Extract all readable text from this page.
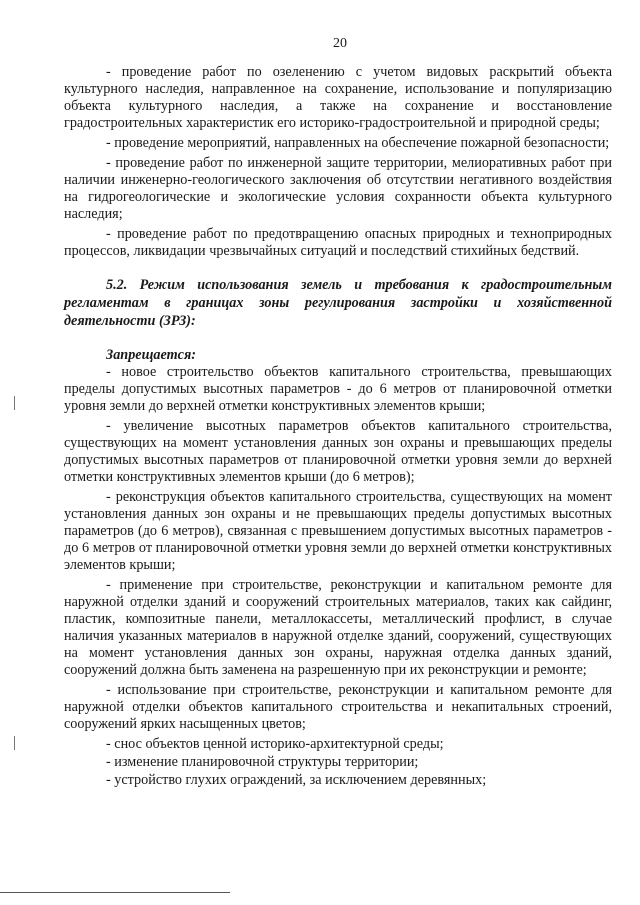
20

- проведение работ по озеленению с учетом видовых раскрытий объекта культурного наследия, направленное на сохранение, использование и популяризацию объекта культурного наследия, а также на сохранение и восстановление градостроительных характеристик его историко-градостроительной и природной среды;

- проведение мероприятий, направленных на обеспечение пожарной безопасности;

- проведение работ по инженерной защите территории, мелиоративных работ при наличии инженерно-геологического заключения об отсутствии негативного воздействия на гидрогеологические и экологические условия сохранности объекта культурного наследия;

- проведение работ по предотвращению опасных природных и техноприродных процессов, ликвидации чрезвычайных ситуаций и последствий стихийных бедствий.

5.2. Режим использования земель и требования к градостроительным регламентам в границах зоны регулирования застройки и хозяйственной деятельности (ЗРЗ):

Запрещается:

- новое строительство объектов капитального строительства, превышающих пределы допустимых высотных параметров - до 6 метров от планировочной отметки уровня земли до верхней отметки конструктивных элементов крыши;

- увеличение высотных параметров объектов капитального строительства, существующих на момент установления данных зон охраны и превышающих пределы допустимых высотных параметров от планировочной отметки уровня земли до верхней отметки конструктивных элементов крыши (до 6 метров);

- реконструкция объектов капитального строительства, существующих на момент установления данных зон охраны и не превышающих пределы допустимых высотных параметров (до 6 метров), связанная с превышением допустимых высотных параметров - до 6 метров от планировочной отметки уровня земли до верхней отметки конструктивных элементов крыши;

- применение при строительстве, реконструкции и капитальном ремонте для наружной отделки зданий и сооружений строительных материалов, таких как сайдинг, пластик, композитные панели, металлокассеты, металлический профлист, в случае наличия указанных материалов в наружной отделке зданий, сооружений, существующих на момент установления данных зон охраны, наружная отделка данных зданий, сооружений должна быть заменена на разрешенную при их реконструкции и ремонте;

- использование при строительстве, реконструкции и капитальном ремонте для наружной отделки объектов капитального строительства и некапитальных строений, сооружений ярких насыщенных цветов;

- снос объектов ценной историко-архитектурной среды;

- изменение планировочной структуры территории;

- устройство глухих ограждений, за исключением деревянных;
